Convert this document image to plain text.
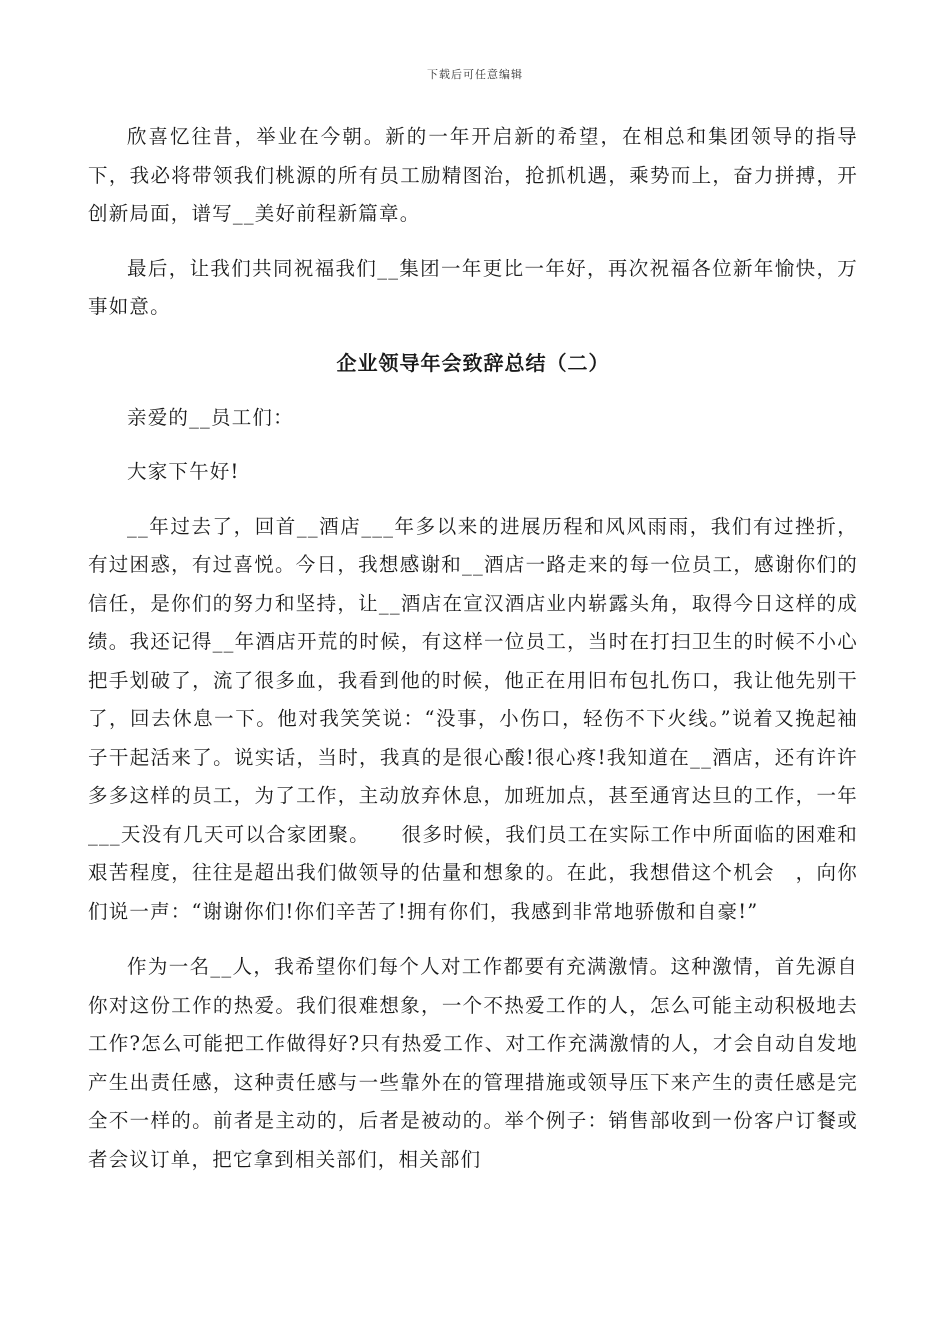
下载后可任意编辑

欣喜忆往昔，举业在今朝。新的一年开启新的希望，在相总和集团领导的指导下，我必将带领我们桃源的所有员工励精图治，抢抓机遇，乘势而上，奋力拼搏，开创新局面，谱写__美好前程新篇章。

最后，让我们共同祝福我们__集团一年更比一年好，再次祝福各位新年愉快，万事如意。

企业领导年会致辞总结（二）

亲爱的__员工们：

大家下午好!

__年过去了，回首__酒店___年多以来的进展历程和风风雨雨，我们有过挫折，有过困惑，有过喜悦。今日，我想感谢和__酒店一路走来的每一位员工，感谢你们的信任，是你们的努力和坚持，让__酒店在宣汉酒店业内崭露头角，取得今日这样的成绩。我还记得__年酒店开荒的时候，有这样一位员工，当时在打扫卫生的时候不小心把手划破了，流了很多血，我看到他的时候，他正在用旧布包扎伤口，我让他先别干了，回去休息一下。他对我笑笑说：“没事，小伤口，轻伤不下火线。”说着又挽起袖子干起活来了。说实话，当时，我真的是很心酸!很心疼!我知道在__酒店，还有许许多多这样的员工，为了工作，主动放弃休息，加班加点，甚至通宵达旦的工作，一年___天没有几天可以合家团聚。　　很多时候，我们员工在实际工作中所面临的困难和艰苦程度，往往是超出我们做领导的估量和想象的。在此，我想借这个机会　，向你们说一声：“谢谢你们!你们辛苦了!拥有你们，我感到非常地骄傲和自豪!”

作为一名__人，我希望你们每个人对工作都要有充满激情。这种激情，首先源自你对这份工作的热爱。我们很难想象，一个不热爱工作的人，怎么可能主动积极地去工作?怎么可能把工作做得好?只有热爱工作、对工作充满激情的人，才会自动自发地产生出责任感，这种责任感与一些靠外在的管理措施或领导压下来产生的责任感是完全不一样的。前者是主动的，后者是被动的。举个例子：销售部收到一份客户订餐或者会议订单，把它拿到相关部们，相关部们
